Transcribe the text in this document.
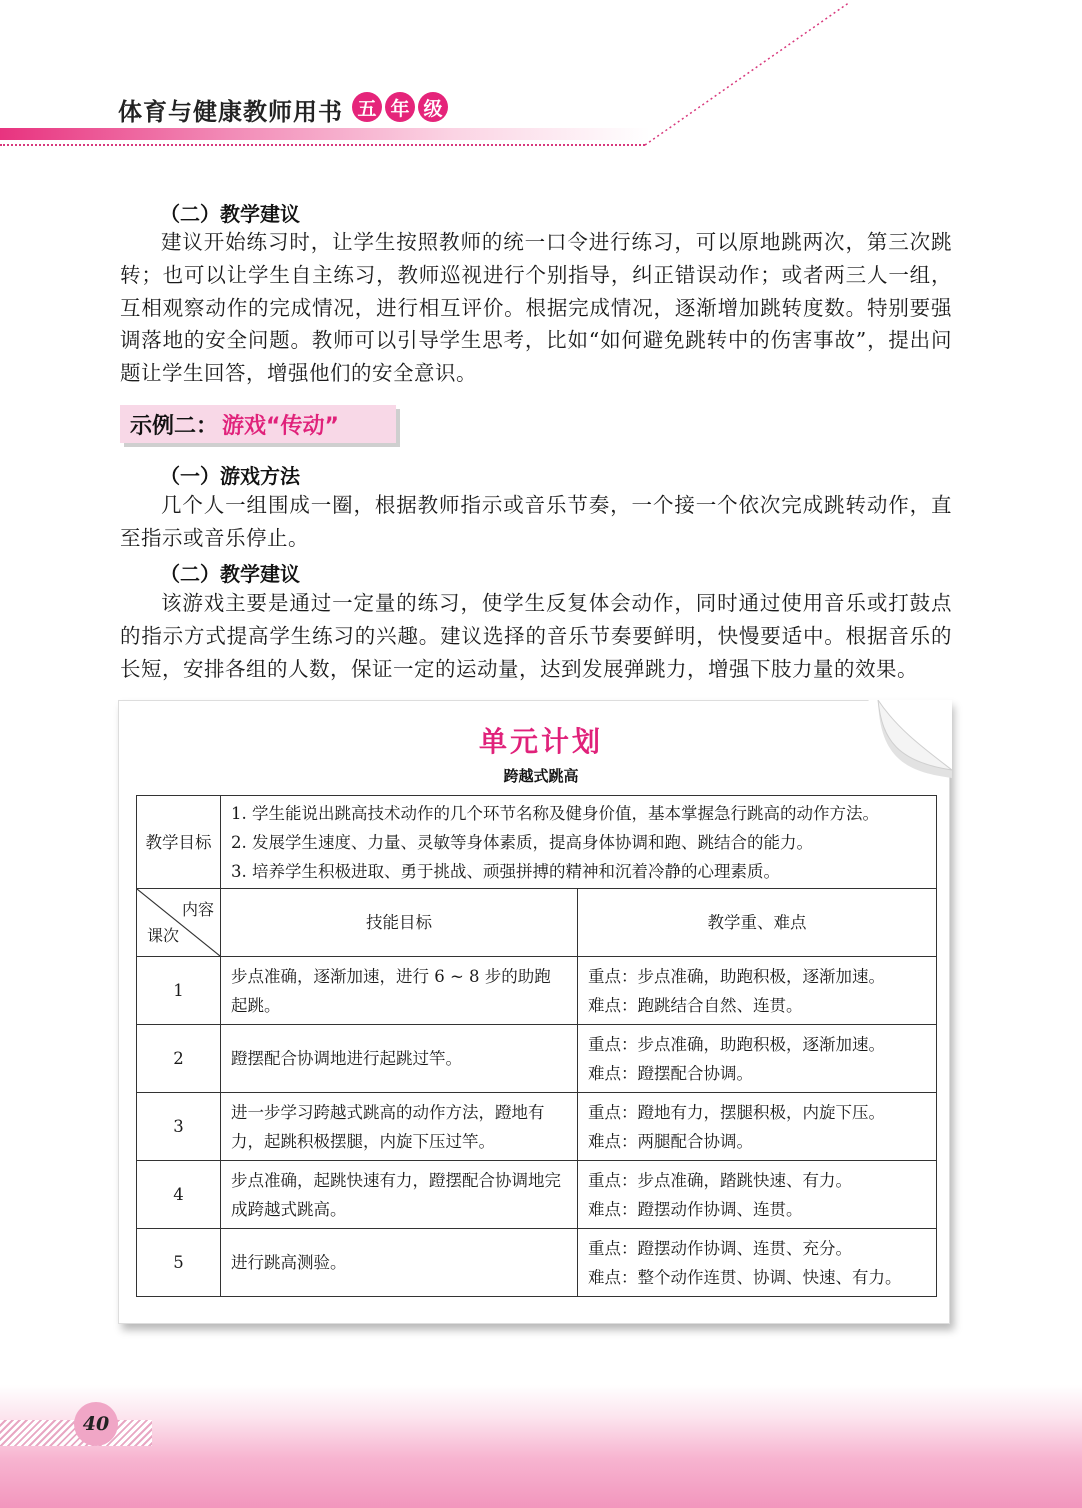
体育与健康教师用书 五 年 级
（二）教学建议

建议开始练习时，让学生按照教师的统一口令进行练习，可以原地跳两次，第三次跳转；也可以让学生自主练习，教师巡视进行个别指导，纠正错误动作；或者两三人一组，互相观察动作的完成情况，进行相互评价。根据完成情况，逐渐增加跳转度数。特别要强调落地的安全问题。教师可以引导学生思考，比如“如何避免跳转中的伤害事故”，提出问题让学生回答，增强他们的安全意识。

示例二： 游戏“传动”
（一）游戏方法

几个人一组围成一圈，根据教师指示或音乐节奏，一个接一个依次完成跳转动作，直至指示或音乐停止。

（二）教学建议

该游戏主要是通过一定量的练习，使学生反复体会动作，同时通过使用音乐或打鼓点的指示方式提高学生练习的兴趣。建议选择的音乐节奏要鲜明，快慢要适中。根据音乐的长短，安排各组的人数，保证一定的运动量，达到发展弹跳力，增强下肢力量的效果。

单元计划
跨越式跳高
教学目标	1. 学生能说出跳高技术动作的几个环节名称及健身价值，基本掌握急行跳高的动作方法。
2. 发展学生速度、力量、灵敏等身体素质，提高身体协调和跑、跳结合的能力。
3. 培养学生积极进取、勇于挑战、顽强拼搏的精神和沉着冷静的心理素质。	

内容
课次	技能目标	教学重、难点
1	步点准确，逐渐加速，进行 6 ~ 8 步的助跑起跳。	重点：步点准确，助跑积极，逐渐加速。
难点：跑跳结合自然、连贯。

2	蹬摆配合协调地进行起跳过竿。	重点：步点准确，助跑积极，逐渐加速。
难点：蹬摆配合协调。

3	进一步学习跨越式跳高的动作方法，蹬地有力，起跳积极摆腿，内旋下压过竿。	重点：蹬地有力，摆腿积极，内旋下压。
难点：两腿配合协调。

4	步点准确，起跳快速有力，蹬摆配合协调地完成跨越式跳高。	重点：步点准确，踏跳快速、有力。
难点：蹬摆动作协调、连贯。

5	进行跳高测验。	重点：蹬摆动作协调、连贯、充分。
难点：整个动作连贯、协调、快速、有力。
40
